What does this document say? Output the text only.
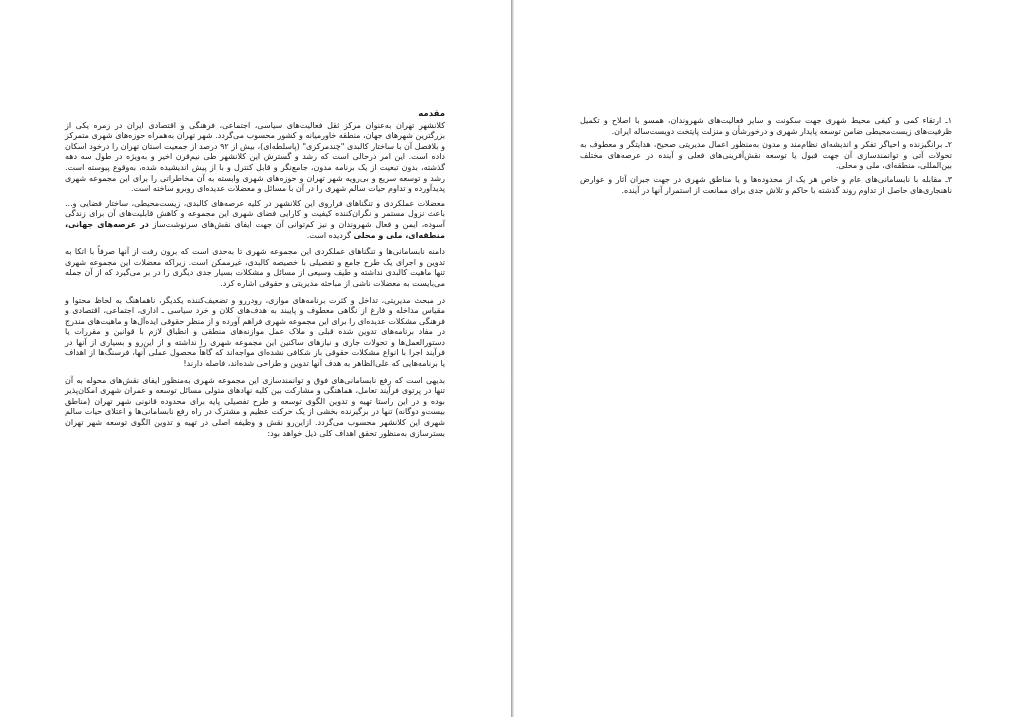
مقدمه

کلانشهر تهران به‌عنوان مرکز ثقل فعالیت‌های سیاسی، اجتماعی، فرهنگی و اقتصادی ایران در زمره یکی از بزرگترین شهرهای جهان، منطقه خاورمیانه و کشور محسوب می‌گردد. شهر تهران به‌همراه حوزه‌های شهری متمرکز و بلافصل آن با ساختار کالبدی "چندمرکزی" (پاسلطه‌ای)، بیش از ۹۲ درصد از جمعیت استان تهران را درخود اسکان داده است. این امر درحالی است که رشد و گسترش این کلانشهر طی نیم‌قرن اخیر و به‌ویژه در طول سه دهه گذشته، بدون تبعیت از یک برنامه مدون، جامع‌نگر و قابل کنترل و با از پیش اندیشیده شده، به‌وقوع پیوسته است. رشد و توسعه سریع و بی‌رویه شهر تهران و حوزه‌های شهری وابسته به آن مخاطراتی را برای این مجموعه شهری پدیدآورده و تداوم حیات سالم شهری را در آن با مسائل و معضلات عدیده‌ای روبرو ساخته است.

معضلات عملکردی و تنگناهای فراروی این کلانشهر در کلیه عرصه‌های کالبدی، زیست‌محیطی، ساختار فضایی و... باعث نزول مستمر و نگران‌کننده کیفیت و کارایی فضای شهری این مجموعه و کاهش قابلیت‌های آن برای زندگی آسوده، ایمن و فعال شهروندان و نیز کم‌توانی آن جهت ایفای نقش‌های سرنوشت‌ساز در عرصه‌های جهانی، منطقه‌ای، ملی و محلی گردیده است.

دامنه نابسامانی‌ها و تنگناهای عملکردی این مجموعه شهری تا به‌حدی است که برون رفت از آنها صرفاً با اتکا به تدوین و اجرای یک طرح جامع و تفصیلی با خصیصه کالبدی، غیرممکن است. زیراکه معضلات این مجموعه شهری تنها ماهیت کالبدی نداشته و طیف وسیعی از مسائل و مشکلات بسیار جدی دیگری را در بر می‌گیرد که از آن جمله می‌بایست به معضلات ناشی از مباحثه مدیریتی و حقوقی اشاره کرد.

در مبحث مدیریتی، تداخل و کثرت برنامه‌های موازی، رودررو و تضعیف‌کننده یکدیگر، ناهماهنگ به لحاظ محتوا و مقیاس مداخله و فارغ از نگاهی معطوف و پایبند به هدف‌های کلان و خرد سیاسی ـ اداری، اجتماعی، اقتصادی و فرهنگی مشکلات عدیده‌ای را برای این مجموعه شهری فراهم آورده و از منظر حقوقی ایده‌آل‌ها و ماهیت‌های مندرج در مفاد برنامه‌های تدوین شده قبلی و ملاک عمل موازنه‌های منطقی و انطباق لازم با قوانین و مقررات یا دستورالعمل‌ها و تحولات جاری و نیازهای ساکنین این مجموعه شهری را نداشته و از این‌رو و بسیاری از آنها در فرآیند اجرا با انواع مشکلات حقوقی باز شکافی نشده‌ای مواجه‌اند که گاهاً محصول عملی آنها، فرسنگ‌ها از اهداف یا برنامه‌هایی که علی‌الظاهر به هدف آنها تدوین و طراحی شده‌اند، فاصله دارند!

بدیهی است که رفع نابسامانی‌های فوق و توانمندسازی این مجموعه شهری به‌منظور ایفای نقش‌های محوله به آن تنها در پرتوی فرآیند تعامل، هماهنگی و مشارکت بین کلیه نهادهای متولی مسائل توسعه و عمران شهری امکان‌پذیر بوده و در این راستا تهیه و تدوین الگوی توسعه و طرح تفصیلی پایه برای محدوده قانونی شهر تهران (مناطق بیست‌و دوگانه) تنها در برگیرنده بخشی از یک حرکت عظیم و مشترک در راه رفع نابسامانی‌ها و اعتلای حیات سالم شهری این کلانشهر محسوب می‌گردد. ازاین‌رو نقش و وظیفه اصلی در تهیه و تدوین الگوی توسعه شهر تهران بسترسازی به‌منظور تحقق اهداف کلی ذیل خواهد بود:

۱ـ ارتقاء کمی و کیفی محیط شهری جهت سکونت و سایر فعالیت‌های شهروندان، همسو با اصلاح و تکمیل ظرفیت‌های زیست‌محیطی ضامن توسعه پایدار شهری و درخورشأن و منزلت پایتخت دویست‌ساله ایران.

۲ـ برانگیزنده و احیاگر تفکر و اندیشه‌ای نظام‌مند و مدون به‌منظور اعمال مدیریتی صحیح، هدایتگر و معطوف به تحولات آتی و توانمندسازی آن جهت قبول یا توسعه نقش‌آفرینی‌های فعلی و آینده در عرصه‌های مختلف بین‌المللی، منطقه‌ای، ملی و محلی.

۳ـ مقابله با نابسامانی‌های عام و خاص هر یک از محدوده‌ها و یا مناطق شهری در جهت جبران آثار و عوارض ناهنجاری‌های حاصل از تداوم روند گذشته با حاکم و تلاش جدی برای ممانعت از استمرار آنها در آینده.
